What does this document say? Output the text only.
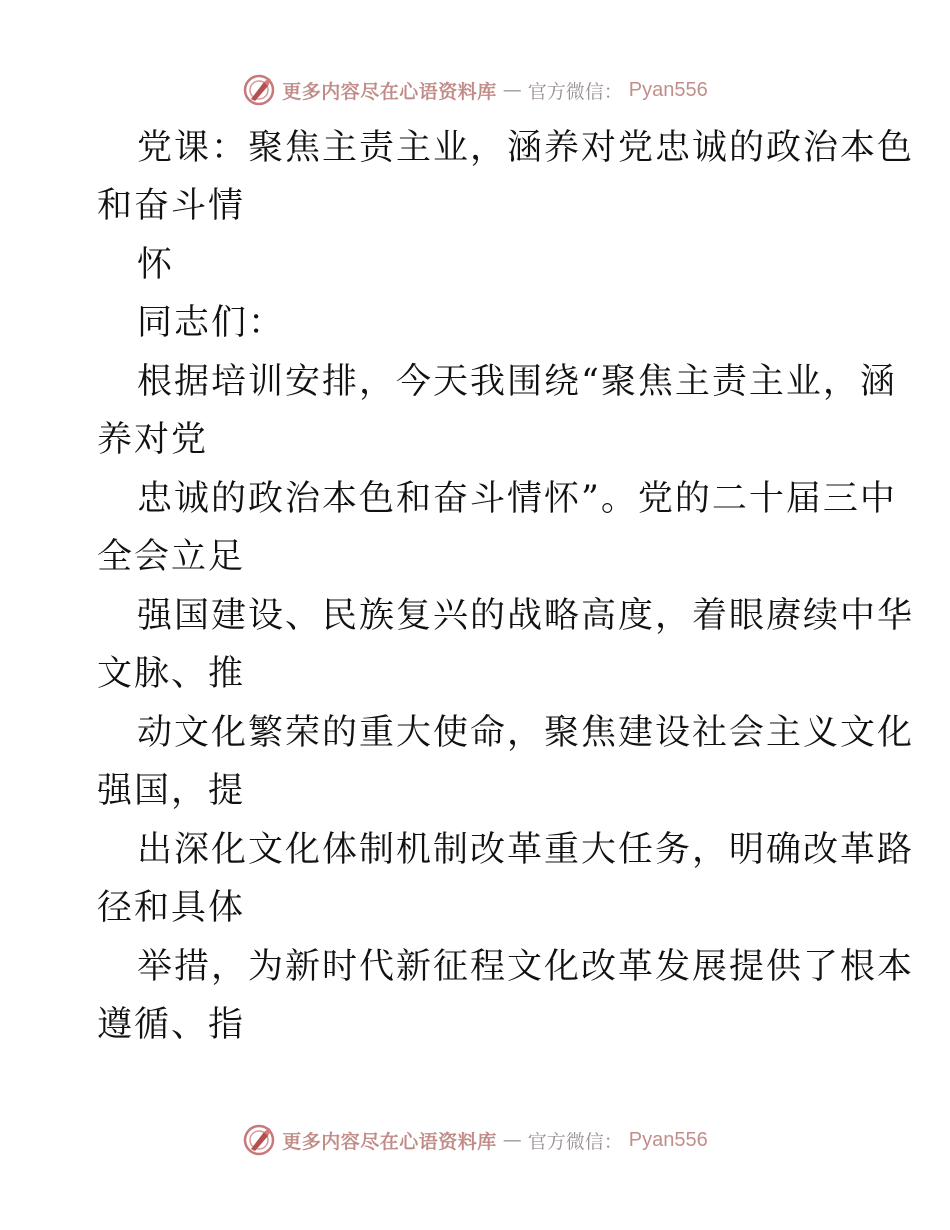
更多内容尽在心语资料库 — 官方微信： Pyan556
党课：聚焦主责主业，涵养对党忠诚的政治本色
和奋斗情
怀
同志们：
根据培训安排，今天我围绕“聚焦主责主业，涵
养对党
忠诚的政治本色和奋斗情怀”。党的二十届三中
全会立足
强国建设、民族复兴的战略高度，着眼赓续中华
文脉、推
动文化繁荣的重大使命，聚焦建设社会主义文化
强国，提
出深化文化体制机制改革重大任务，明确改革路
径和具体
举措，为新时代新征程文化改革发展提供了根本
遵循、指
更多内容尽在心语资料库 — 官方微信： Pyan556
